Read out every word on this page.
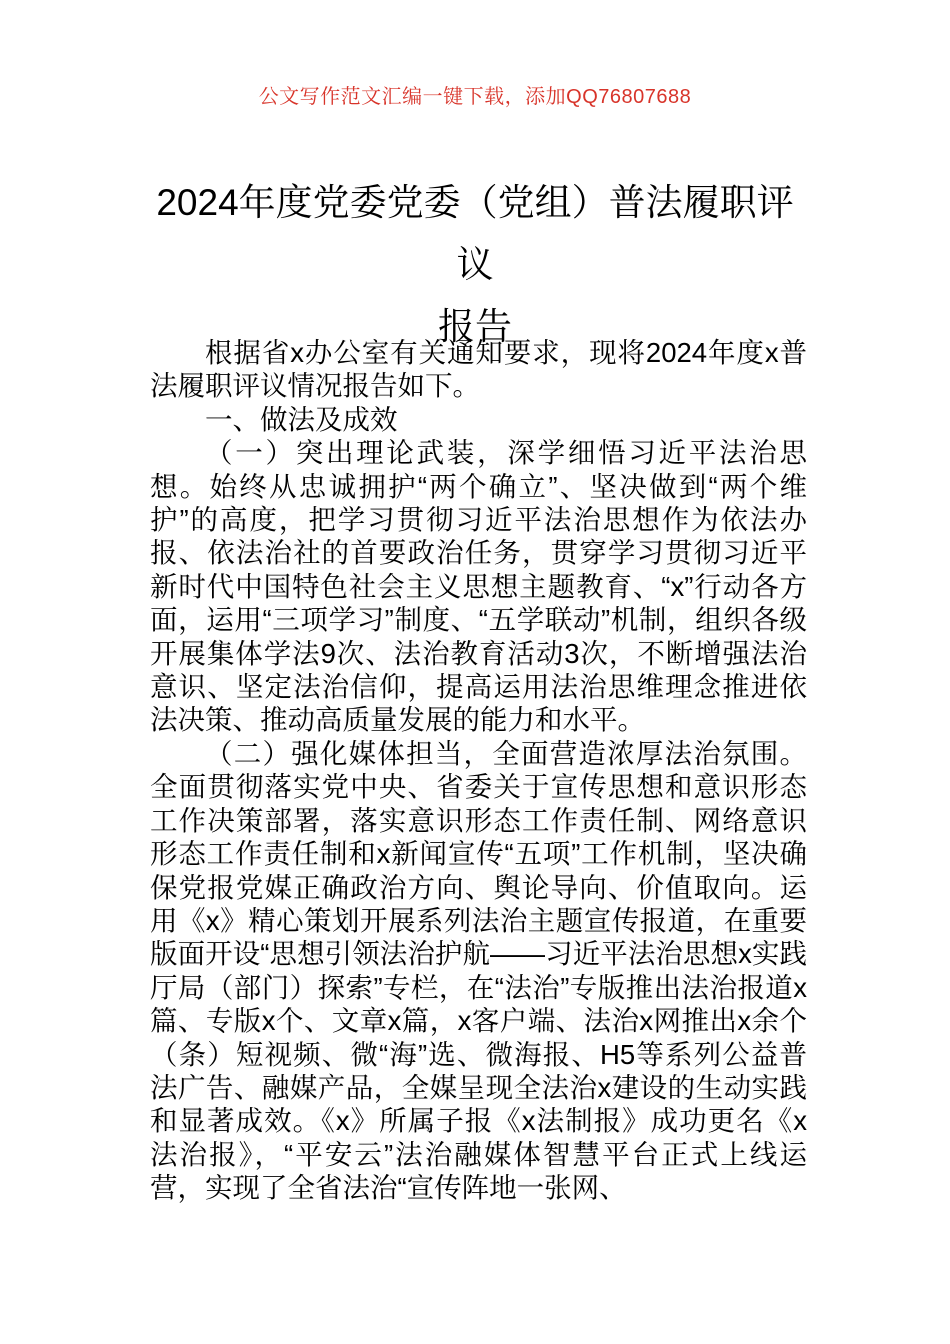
公文写作范文汇编一键下载，添加QQ76807688
2024年度党委党委（党组）普法履职评议
报告

根据省x办公室有关通知要求，现将2024年度x普法履职评议情况报告如下。

一、做法及成效

（一）突出理论武装，深学细悟习近平法治思想。始终从忠诚拥护“两个确立”、坚决做到“两个维护”的高度，把学习贯彻习近平法治思想作为依法办报、依法治社的首要政治任务，贯穿学习贯彻习近平新时代中国特色社会主义思想主题教育、“x”行动各方面，运用“三项学习”制度、“五学联动”机制，组织各级开展集体学法9次、法治教育活动3次，不断增强法治意识、坚定法治信仰，提高运用法治思维理念推进依法决策、推动高质量发展的能力和水平。

（二）强化媒体担当，全面营造浓厚法治氛围。全面贯彻落实党中央、省委关于宣传思想和意识形态工作决策部署，落实意识形态工作责任制、网络意识形态工作责任制和x新闻宣传“五项”工作机制，坚决确保党报党媒正确政治方向、舆论导向、价值取向。运用《x》精心策划开展系列法治主题宣传报道，在重要版面开设“思想引领法治护航——习近平法治思想x实践厅局（部门）探索”专栏，在“法治”专版推出法治报道x篇、专版x个、文章x篇，x客户端、法治x网推出x余个（条）短视频、微“海”选、微海报、H5等系列公益普法广告、融媒产品，全媒呈现全法治x建设的生动实践和显著成效。《x》所属子报《x法制报》成功更名《x法治报》，“平安云”法治融媒体智慧平台正式上线运营，实现了全省法治“宣传阵地一张网、
